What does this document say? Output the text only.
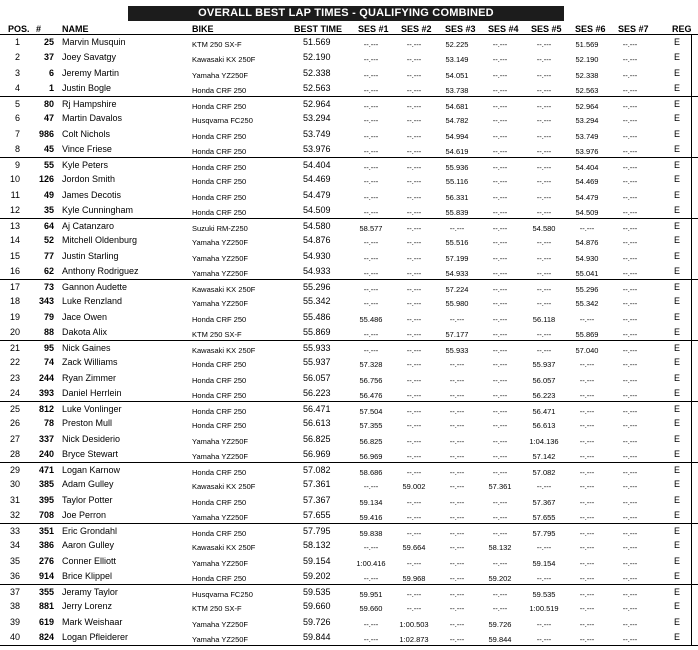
OVERALL BEST LAP TIMES - QUALIFYING COMBINED
POS. # NAME	BIKE	BEST TIME SES #1 SES #2 SES #3 SES #4 SES #5 SES #6 SES #7	REG
1	25 Marvin Musquin	KTM 250 SX-F	51.569	--.---	--.---	52.225	--.---	--.---	51.569	--.---	E
2	37 Joey Savatgy	Kawasaki KX 250F	52.190	--.---	--.---	53.149	--.---	--.---	52.190	--.---	E
3	6 Jeremy Martin	Yamaha YZ250F	52.338	--.---	--.---	54.051	--.---	--.---	52.338	--.---	E
4	1 Justin Bogle	Honda CRF 250	52.563	--.---	--.---	53.738	--.---	--.---	52.563	--.---	E
5	80 Rj Hampshire	Honda CRF 250	52.964	--.---	--.---	54.681	--.---	--.---	52.964	--.---	E
6	47 Martin Davalos	Husqvarna FC250	53.294	--.---	--.---	54.782	--.---	--.---	53.294	--.---	E
7	986 Colt Nichols	Honda CRF 250	53.749	--.---	--.---	54.994	--.---	--.---	53.749	--.---	E
8	45 Vince Friese	Honda CRF 250	53.976	--.---	--.---	54.619	--.---	--.---	53.976	--.---	E
9	55 Kyle Peters	Honda CRF 250	54.404	--.---	--.---	55.936	--.---	--.---	54.404	--.---	E
10	126 Jordon Smith	Honda CRF 250	54.469	--.---	--.---	55.116	--.---	--.---	54.469	--.---	E
11	49 James Decotis	Honda CRF 250	54.479	--.---	--.---	56.331	--.---	--.---	54.479	--.---	E
12	35 Kyle Cunningham	Honda CRF 250	54.509	--.---	--.---	55.839	--.---	--.---	54.509	--.---	E
13	64 Aj Catanzaro	Suzuki RM-Z250	54.580	58.577	--.---	--.---	--.---	54.580	--.---	--.---	E
14	52 Mitchell Oldenburg	Yamaha YZ250F	54.876	--.---	--.---	55.516	--.---	--.---	54.876	--.---	E
15	77 Justin Starling	Yamaha YZ250F	54.930	--.---	--.---	57.199	--.---	--.---	54.930	--.---	E
16	62 Anthony Rodriguez	Yamaha YZ250F	54.933	--.---	--.---	54.933	--.---	--.---	55.041	--.---	E
17	73 Gannon Audette	Kawasaki KX 250F	55.296	--.---	--.---	57.224	--.---	--.---	55.296	--.---	E
18	343 Luke Renzland	Yamaha YZ250F	55.342	--.---	--.---	55.980	--.---	--.---	55.342	--.---	E
19	79 Jace Owen	Honda CRF 250	55.486	55.486	--.---	--.---	--.---	56.118	--.---	--.---	E
20	88 Dakota Alix	KTM 250 SX-F	55.869	--.---	--.---	57.177	--.---	--.---	55.869	--.---	E
21	95 Nick Gaines	Kawasaki KX 250F	55.933	--.---	--.---	55.933	--.---	--.---	57.040	--.---	E
22	74 Zack Williams	Honda CRF 250	55.937	57.328	--.---	--.---	--.---	55.937	--.---	--.---	E
23	244 Ryan Zimmer	Honda CRF 250	56.057	56.756	--.---	--.---	--.---	56.057	--.---	--.---	E
24	393 Daniel Herrlein	Honda CRF 250	56.223	56.476	--.---	--.---	--.---	56.223	--.---	--.---	E
25	812 Luke Vonlinger	Honda CRF 250	56.471	57.504	--.---	--.---	--.---	56.471	--.---	--.---	E
26	78 Preston Mull	Honda CRF 250	56.613	57.355	--.---	--.---	--.---	56.613	--.---	--.---	E
27	337 Nick Desiderio	Yamaha YZ250F	56.825	56.825	--.---	--.---	--.---	1:04.136	--.---	--.---	E
28	240 Bryce Stewart	Yamaha YZ250F	56.969	56.969	--.---	--.---	--.---	57.142	--.---	--.---	E
29	471 Logan Karnow	Honda CRF 250	57.082	58.686	--.---	--.---	--.---	57.082	--.---	--.---	E
30	385 Adam Gulley	Kawasaki KX 250F	57.361	--.---	59.002	--.---	57.361	--.---	--.---	--.---	E
31	395 Taylor Potter	Honda CRF 250	57.367	59.134	--.---	--.---	--.---	57.367	--.---	--.---	E
32	708 Joe Perron	Yamaha YZ250F	57.655	59.416	--.---	--.---	--.---	57.655	--.---	--.---	E
33	351 Eric Grondahl	Honda CRF 250	57.795	59.838	--.---	--.---	--.---	57.795	--.---	--.---	E
34	386 Aaron Gulley	Kawasaki KX 250F	58.132	--.---	59.664	--.---	58.132	--.---	--.---	--.---	E
35	276 Conner Elliott	Yamaha YZ250F	59.154	1:00.416	--.---	--.---	--.---	59.154	--.---	--.---	E
36	914 Brice Klippel	Honda CRF 250	59.202	--.---	59.968	--.---	59.202	--.---	--.---	--.---	E
37	355 Jeramy Taylor	Husqvarna FC250	59.535	59.951	--.---	--.---	--.---	59.535	--.---	--.---	E
38	881 Jerry Lorenz	KTM 250 SX-F	59.660	59.660	--.---	--.---	--.---	1:00.519	--.---	--.---	E
39	619 Mark Weishaar	Yamaha YZ250F	59.726	--.---	1:00.503	--.---	59.726	--.---	--.---	--.---	E
40	824 Logan Pfleiderer	Yamaha YZ250F	59.844	--.---	1:02.873	--.---	59.844	--.---	--.---	--.---	E
